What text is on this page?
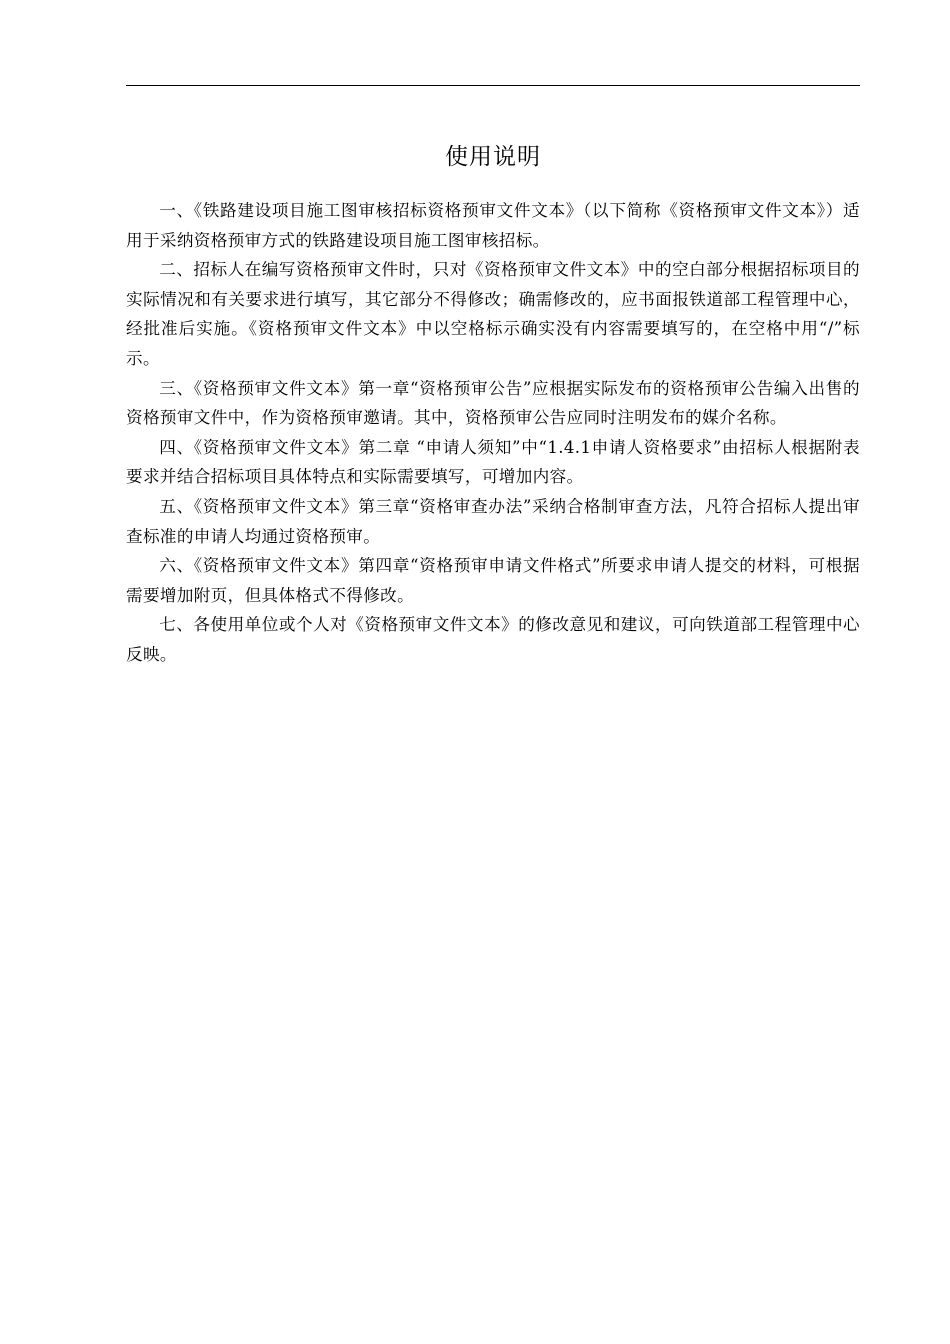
使用说明

一、《铁路建设项目施工图审核招标资格预审文件文本》（以下简称《资格预审文件文本》）适用于采纳资格预审方式的铁路建设项目施工图审核招标。

二、招标人在编写资格预审文件时，只对《资格预审文件文本》中的空白部分根据招标项目的实际情况和有关要求进行填写，其它部分不得修改；确需修改的，应书面报铁道部工程管理中心，经批准后实施。《资格预审文件文本》中以空格标示确实没有内容需要填写的，在空格中用“/”标示。

三、《资格预审文件文本》第一章“资格预审公告”应根据实际发布的资格预审公告编入出售的资格预审文件中，作为资格预审邀请。其中，资格预审公告应同时注明发布的媒介名称。

四、《资格预审文件文本》第二章 “申请人须知”中“1.4.1申请人资格要求”由招标人根据附表要求并结合招标项目具体特点和实际需要填写，可增加内容。

五、《资格预审文件文本》第三章“资格审查办法”采纳合格制审查方法，凡符合招标人提出审查标准的申请人均通过资格预审。

六、《资格预审文件文本》第四章“资格预审申请文件格式”所要求申请人提交的材料，可根据需要增加附页，但具体格式不得修改。

七、各使用单位或个人对《资格预审文件文本》的修改意见和建议，可向铁道部工程管理中心反映。
